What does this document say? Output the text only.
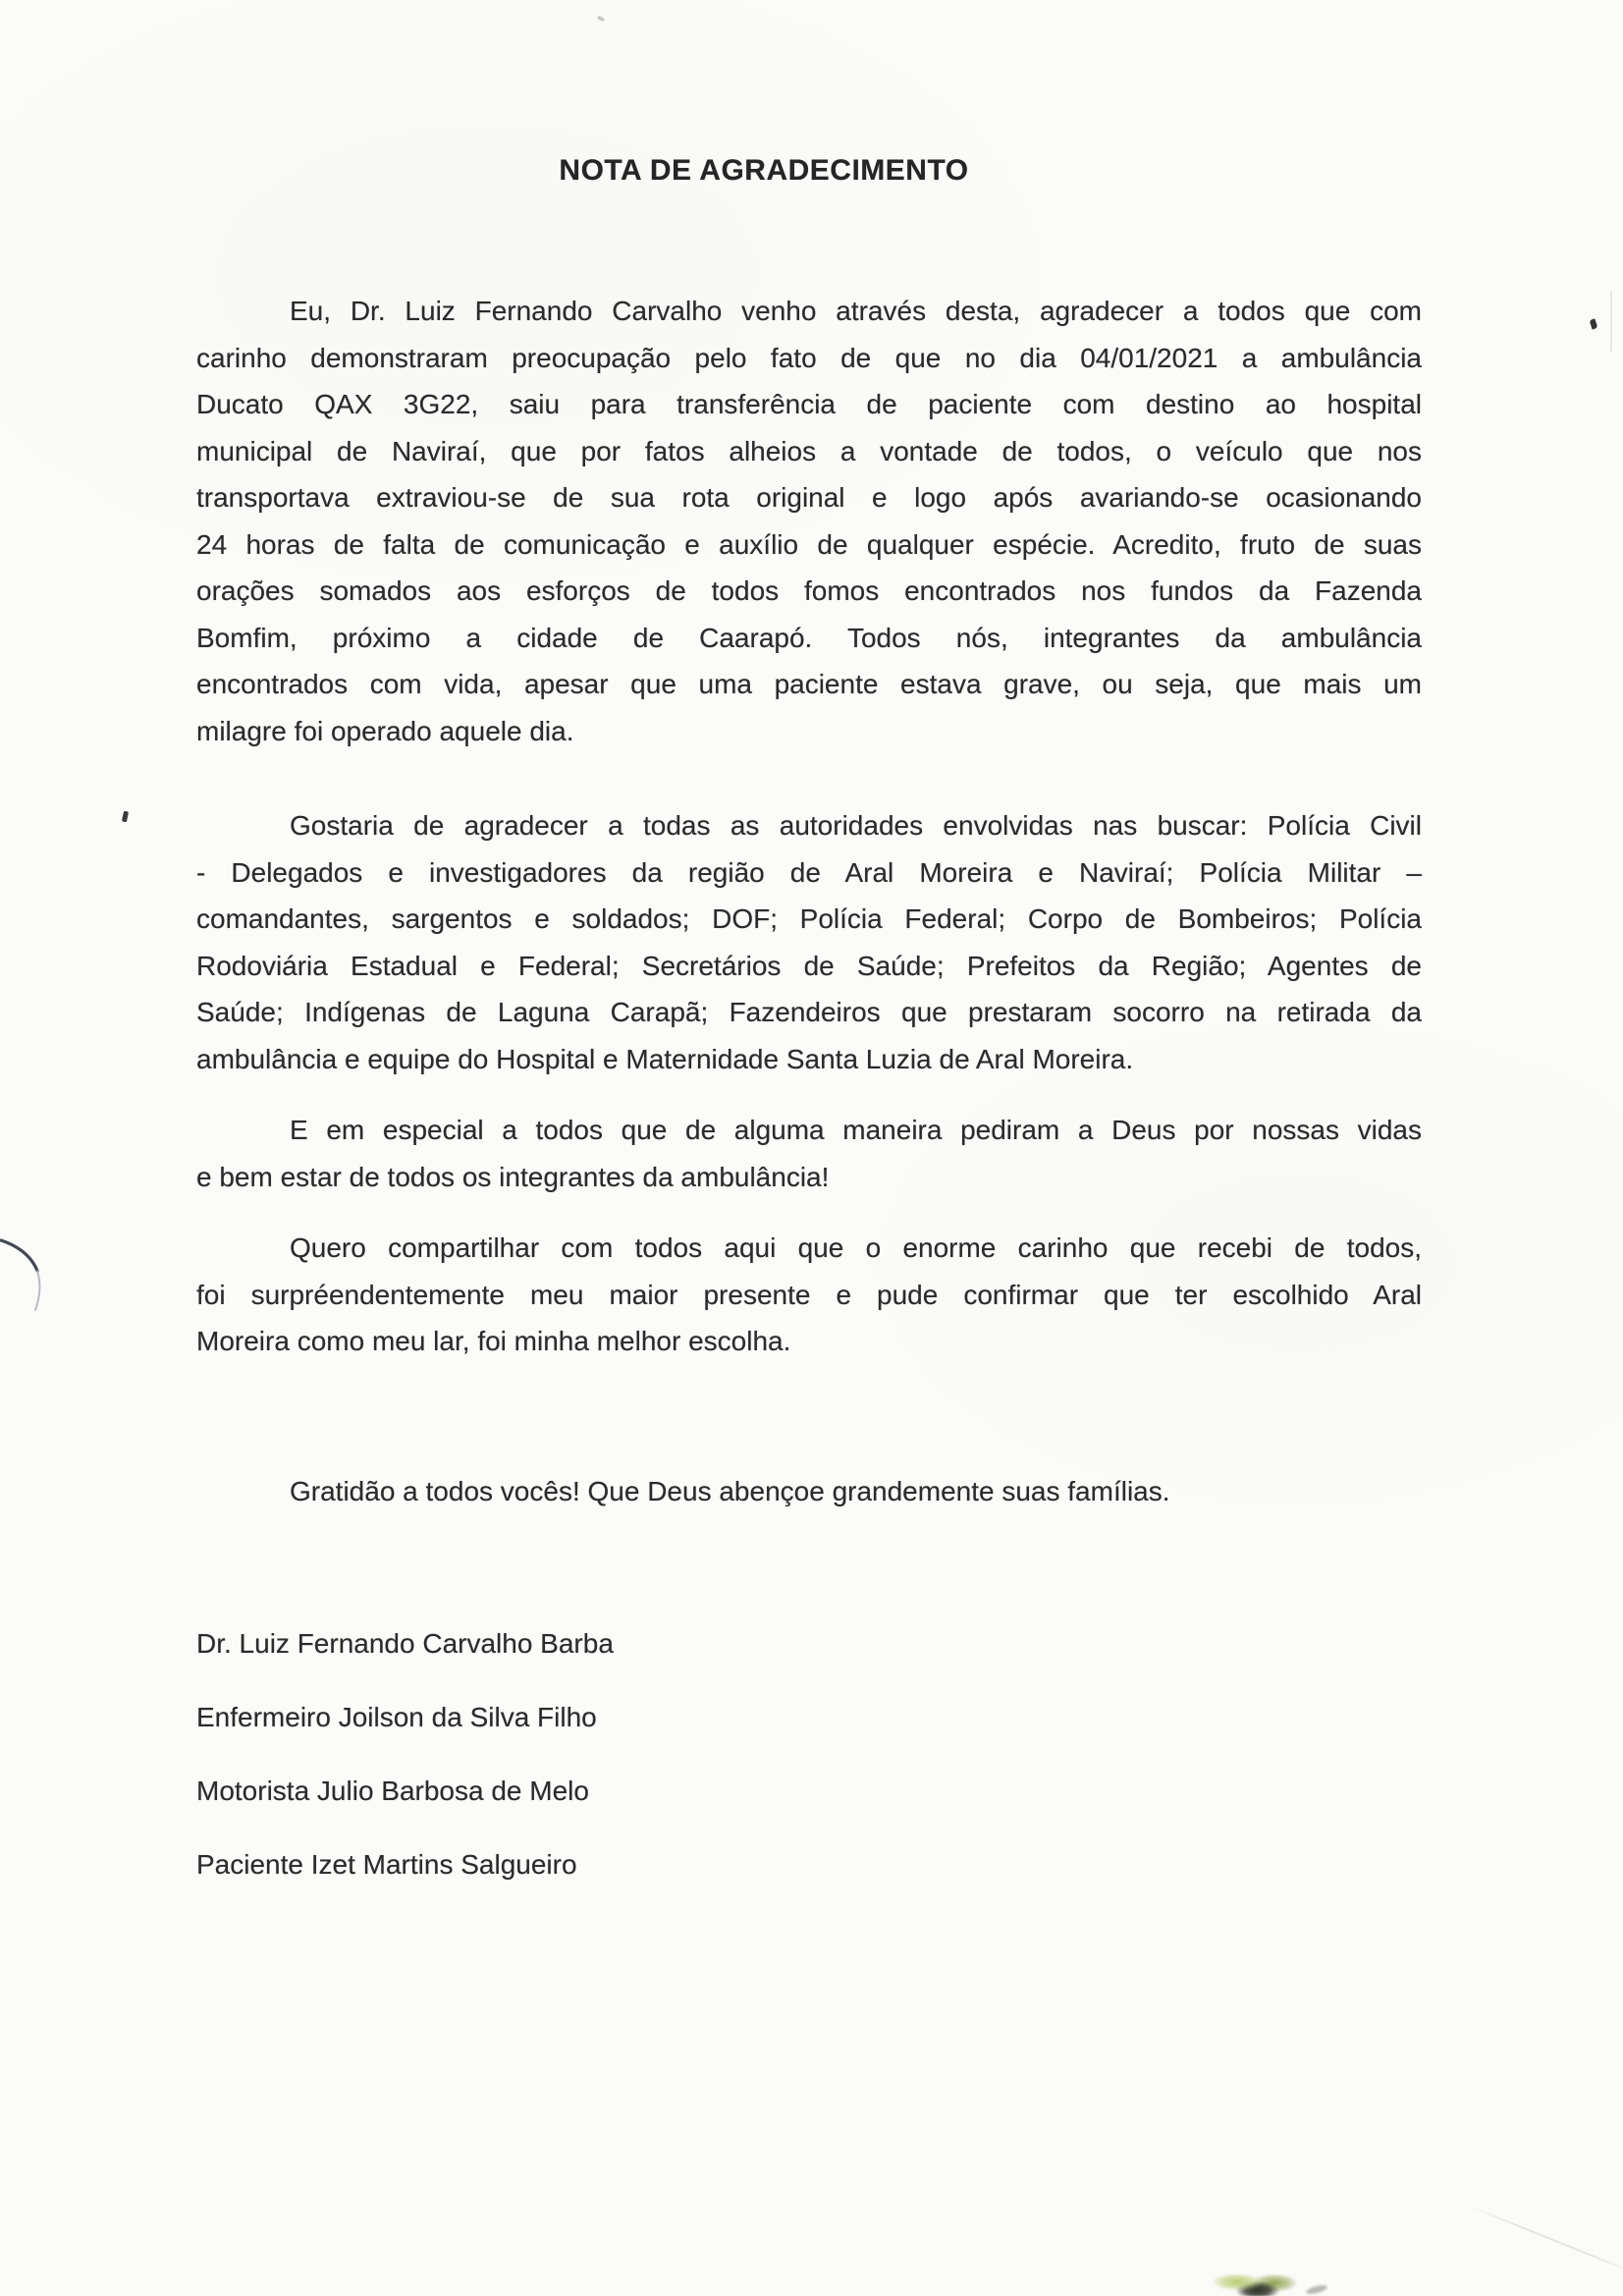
NOTA DE AGRADECIMENTO
Eu, Dr. Luiz Fernando Carvalho venho através desta, agradecer a todos que com
carinho demonstraram preocupação pelo fato de que no dia 04/01/2021 a ambulância
Ducato QAX 3G22, saiu para transferência de paciente com destino ao hospital
municipal de Naviraí, que por fatos alheios a vontade de todos, o veículo que nos
transportava extraviou-se de sua rota original e logo após avariando-se ocasionando
24 horas de falta de comunicação e auxílio de qualquer espécie. Acredito, fruto de suas
orações somados aos esforços de todos fomos encontrados nos fundos da Fazenda
Bomfim, próximo a cidade de Caarapó. Todos nós, integrantes da ambulância
encontrados com vida, apesar que uma paciente estava grave, ou seja, que mais um
milagre foi operado aquele dia.
Gostaria de agradecer a todas as autoridades envolvidas nas buscar: Polícia Civil
- Delegados e investigadores da região de Aral Moreira e Naviraí; Polícia Militar –
comandantes, sargentos e soldados; DOF; Polícia Federal; Corpo de Bombeiros; Polícia
Rodoviária Estadual e Federal; Secretários de Saúde; Prefeitos da Região; Agentes de
Saúde; Indígenas de Laguna Carapã; Fazendeiros que prestaram socorro na retirada da
ambulância e equipe do Hospital e Maternidade Santa Luzia de Aral Moreira.
E em especial a todos que de alguma maneira pediram a Deus por nossas vidas
e bem estar de todos os integrantes da ambulância!
Quero compartilhar com todos aqui que o enorme carinho que recebi de todos,
foi surpréendentemente meu maior presente e pude confirmar que ter escolhido Aral
Moreira como meu lar, foi minha melhor escolha.
Gratidão a todos vocês! Que Deus abençoe grandemente suas famílias.
Dr. Luiz Fernando Carvalho Barba
Enfermeiro Joilson da Silva Filho
Motorista Julio Barbosa de Melo
Paciente Izet Martins Salgueiro
